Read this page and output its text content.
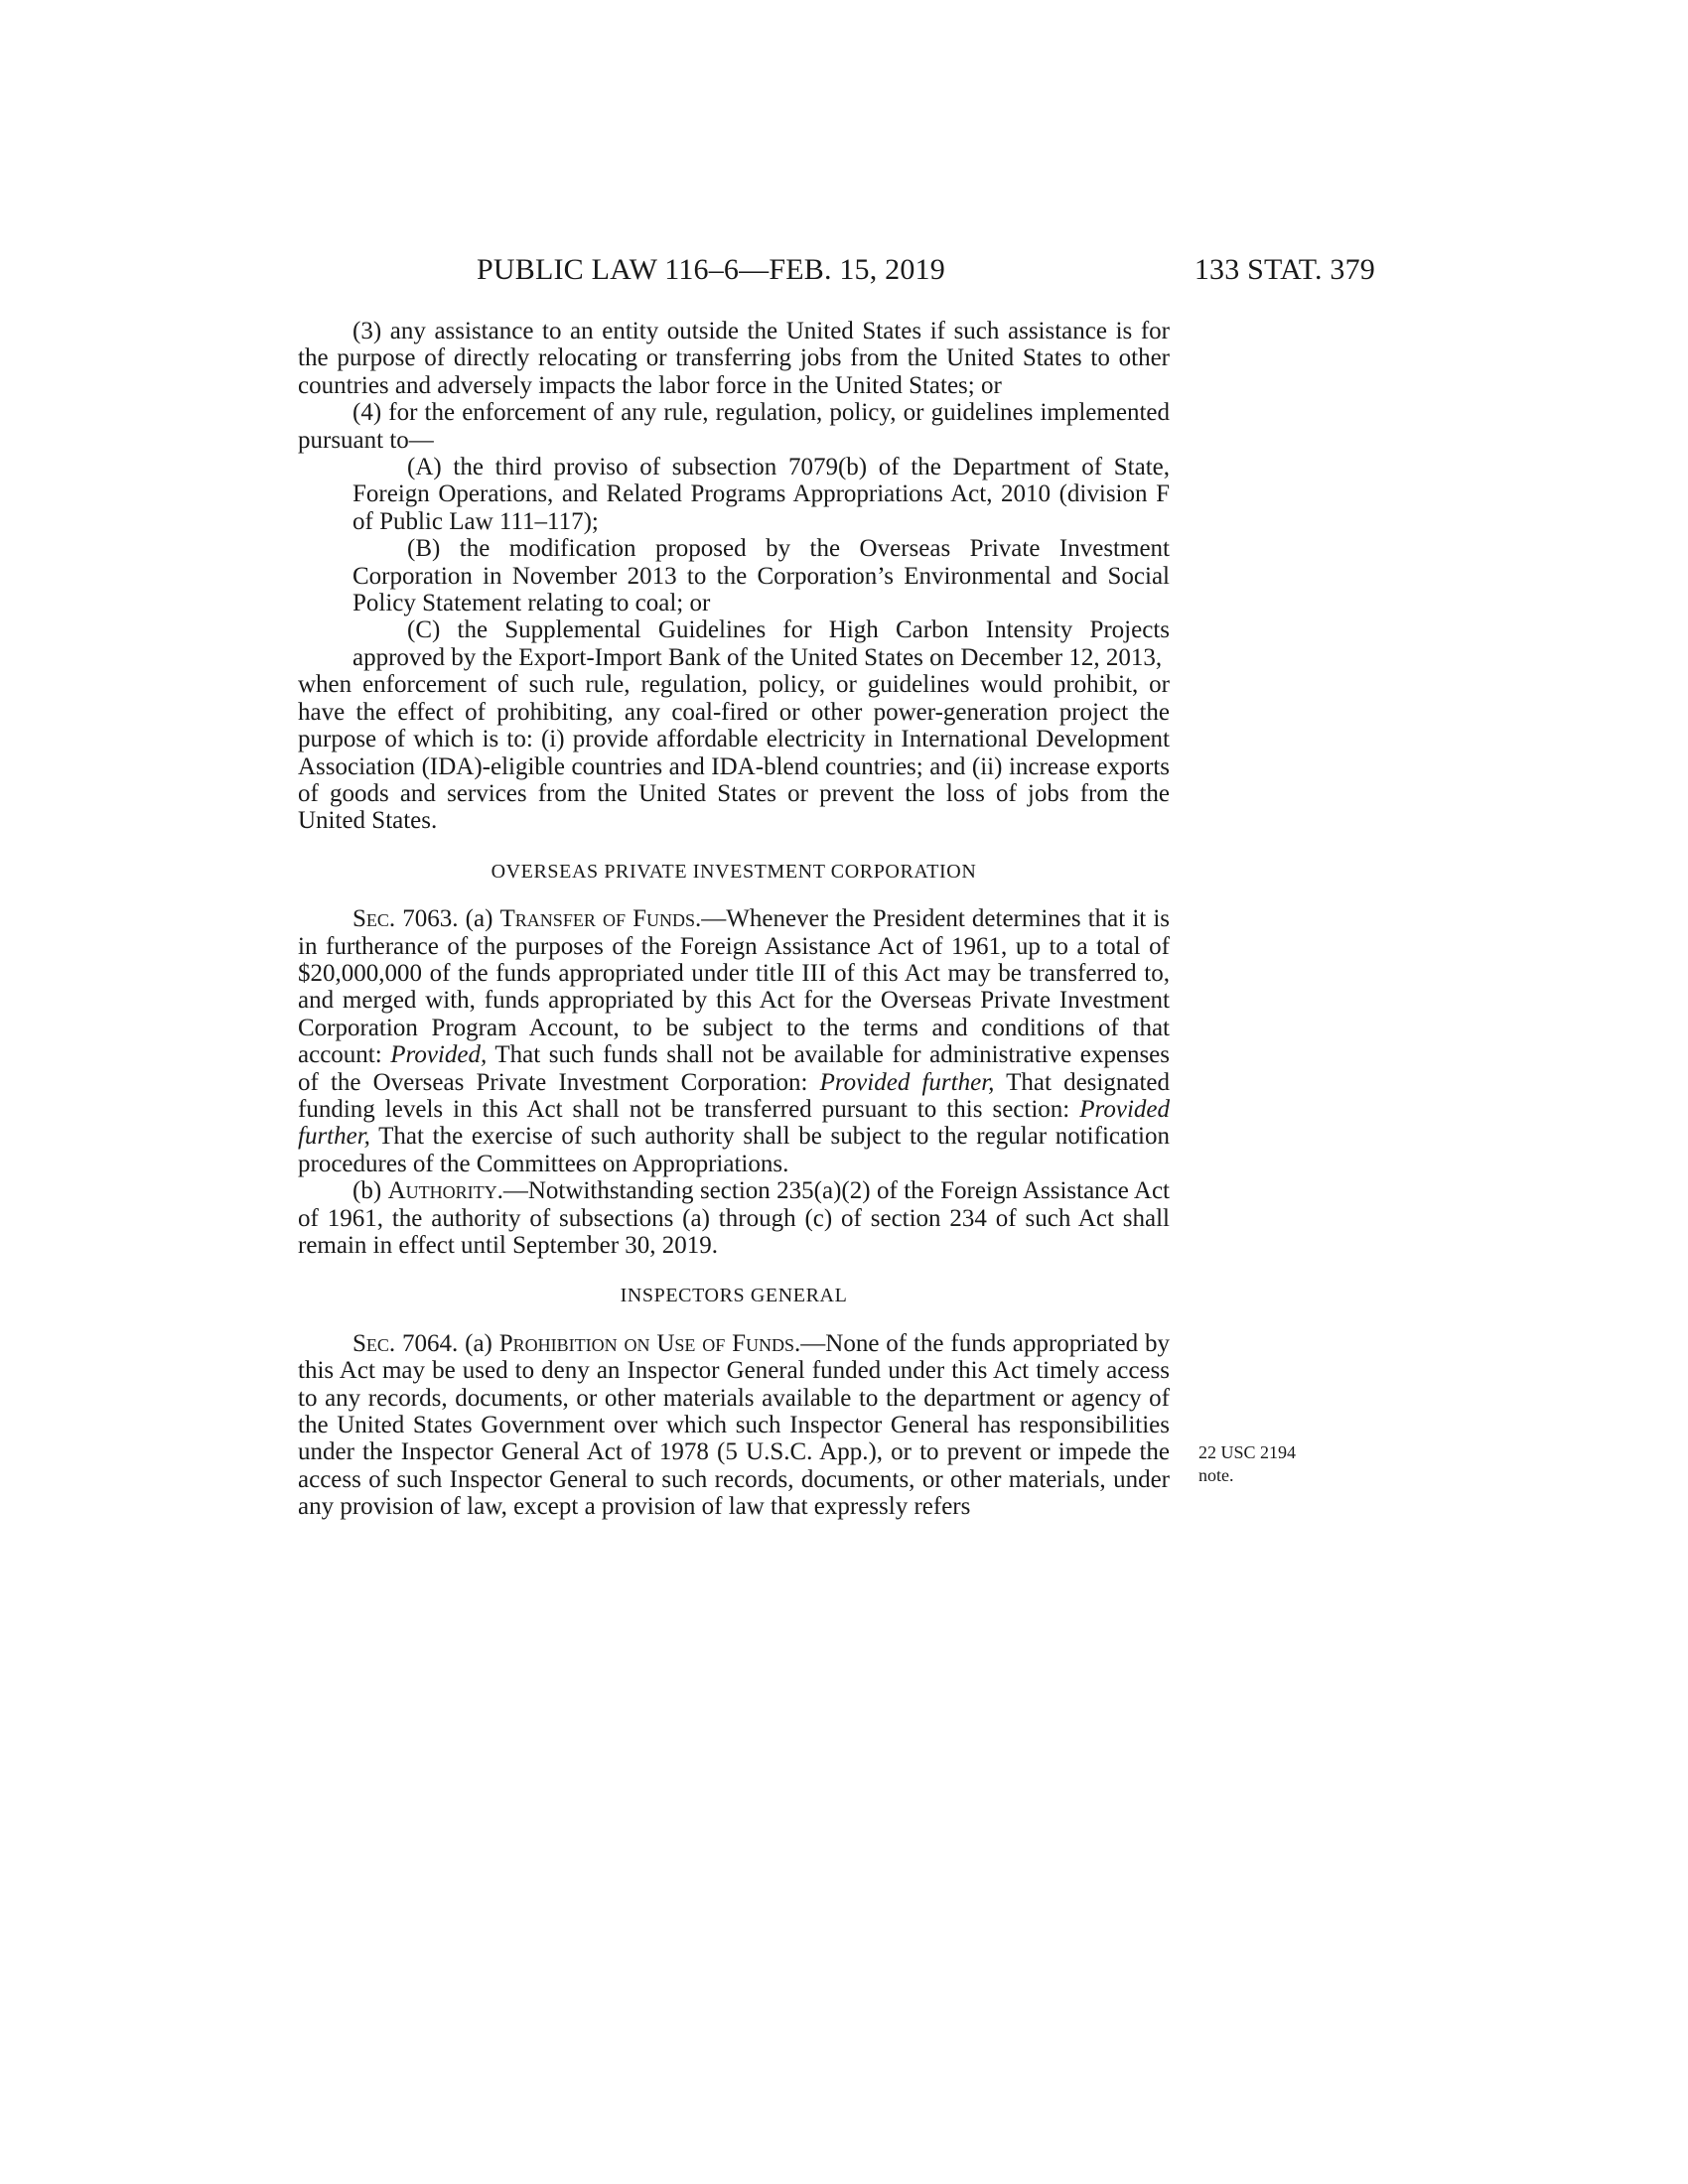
PUBLIC LAW 116–6—FEB. 15, 2019	133 STAT. 379

(3) any assistance to an entity outside the United States if such assistance is for the purpose of directly relocating or transferring jobs from the United States to other countries and adversely impacts the labor force in the United States; or

(4) for the enforcement of any rule, regulation, policy, or guidelines implemented pursuant to—

(A) the third proviso of subsection 7079(b) of the Department of State, Foreign Operations, and Related Programs Appropriations Act, 2010 (division F of Public Law 111–117);

(B) the modification proposed by the Overseas Private Investment Corporation in November 2013 to the Corporation’s Environmental and Social Policy Statement relating to coal; or

(C) the Supplemental Guidelines for High Carbon Intensity Projects approved by the Export-Import Bank of the United States on December 12, 2013,

when enforcement of such rule, regulation, policy, or guidelines would prohibit, or have the effect of prohibiting, any coal-fired or other power-generation project the purpose of which is to: (i) provide affordable electricity in International Development Association (IDA)-eligible countries and IDA-blend countries; and (ii) increase exports of goods and services from the United States or prevent the loss of jobs from the United States.

OVERSEAS PRIVATE INVESTMENT CORPORATION

Sec. 7063. (a) Transfer of Funds.—Whenever the President determines that it is in furtherance of the purposes of the Foreign Assistance Act of 1961, up to a total of $20,000,000 of the funds appropriated under title III of this Act may be transferred to, and merged with, funds appropriated by this Act for the Overseas Private Investment Corporation Program Account, to be subject to the terms and conditions of that account: Provided, That such funds shall not be available for administrative expenses of the Overseas Private Investment Corporation: Provided further, That designated funding levels in this Act shall not be transferred pursuant to this section: Provided further, That the exercise of such authority shall be subject to the regular notification procedures of the Committees on Appropriations.

(b) Authority.—Notwithstanding section 235(a)(2) of the Foreign Assistance Act of 1961, the authority of subsections (a) through (c) of section 234 of such Act shall remain in effect until September 30, 2019.

INSPECTORS GENERAL

Sec. 7064. (a) Prohibition on Use of Funds.—None of the funds appropriated by this Act may be used to deny an Inspector General funded under this Act timely access to any records, documents, or other materials available to the department or agency of the United States Government over which such Inspector General has responsibilities under the Inspector General Act of 1978 (5 U.S.C. App.), or to prevent or impede the access of such Inspector General to such records, documents, or other materials, under any provision of law, except a provision of law that expressly refers

22 USC 2194
note.
